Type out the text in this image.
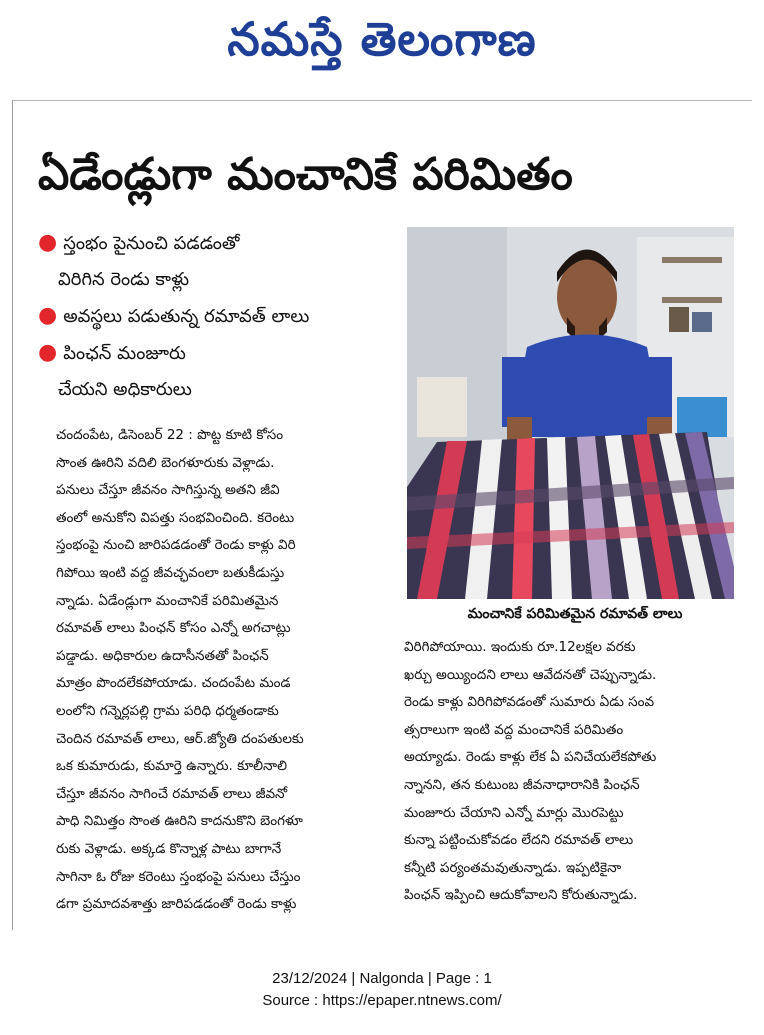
నమస్తే తెలంగాణ
ఏడేండ్లుగా మంచానికే పరిమితం
● స్తంభం పైనుంచి పడడంతో
విరిగిన రెండు కాళ్లు
● అవస్థలు పడుతున్న రమావత్‌ లాలు
● పింఛన్‌ మంజూరు
చేయని అధికారులు
మంచానికే పరిమితమైన రమావత్‌ లాలు
చందంపేట, డిసెంబర్‌ 22 : పొట్ట కూటి కోసం
సొంత ఊరిని వదిలి బెంగళూరుకు వెళ్లాడు.
పనులు చేస్తూ జీవనం సాగిస్తున్న అతని జీవి
తంలో అనుకోని విపత్తు సంభవించింది. కరెంటు
స్తంభంపై నుంచి జారిపడడంతో రెండు కాళ్లు విరి
గిపోయి ఇంటి వద్ద జీవచ్ఛవంలా బతుకీడుస్తు
న్నాడు. ఏడేండ్లుగా మంచానికే పరిమితమైన
రమావత్‌ లాలు పింఛన్‌ కోసం ఎన్నో అగచాట్లు
పడ్డాడు. అధికారుల ఉదాసీనతతో పింఛన్‌
మాత్రం పొందలేకపోయాడు. చందంపేట మండ
లంలోని గన్నెర్లపల్లి గ్రామ పరిధి ధర్మతండాకు
చెందిన రమావత్‌ లాలు, ఆర్‌.జ్యోతి దంపతులకు
ఒక కుమారుడు, కుమార్తె ఉన్నారు. కూలీనాలి
చేస్తూ జీవనం సాగించే రమావత్‌ లాలు జీవనో
పాధి నిమిత్తం సొంత ఊరిని కాదనుకొని బెంగళూ
రుకు వెళ్లాడు. అక్కడ కొన్నాళ్ల పాటు బాగానే
సాగినా ఓ రోజు కరెంటు స్తంభంపై పనులు చేస్తుం
డగా ప్రమాదవశాత్తు జారిపడడంతో రెండు కాళ్లు
విరిగిపోయాయి. ఇందుకు రూ.12లక్షల వరకు
ఖర్చు అయ్యిందని లాలు ఆవేదనతో చెప్పున్నాడు.
రెండు కాళ్లు విరిగిపోవడంతో సుమారు ఏడు సంవ
త్సరాలుగా ఇంటి వద్ద మంచానికే పరిమితం
అయ్యాడు. రెండు కాళ్లు లేక ఏ పనిచేయలేకపోతు
న్నానని, తన కుటుంబ జీవనాధారానికి పింఛన్‌
మంజూరు చేయాని ఎన్నో మార్లు మొరపెట్టు
కున్నా పట్టించుకోవడం లేదని రమావత్‌ లాలు
కన్నీటి పర్యంతమవుతున్నాడు. ఇప్పటికైనా
పింఛన్‌ ఇప్పించి ఆదుకోవాలని కోరుతున్నాడు.
23/12/2024 | Nalgonda | Page : 1
Source : https://epaper.ntnews.com/
